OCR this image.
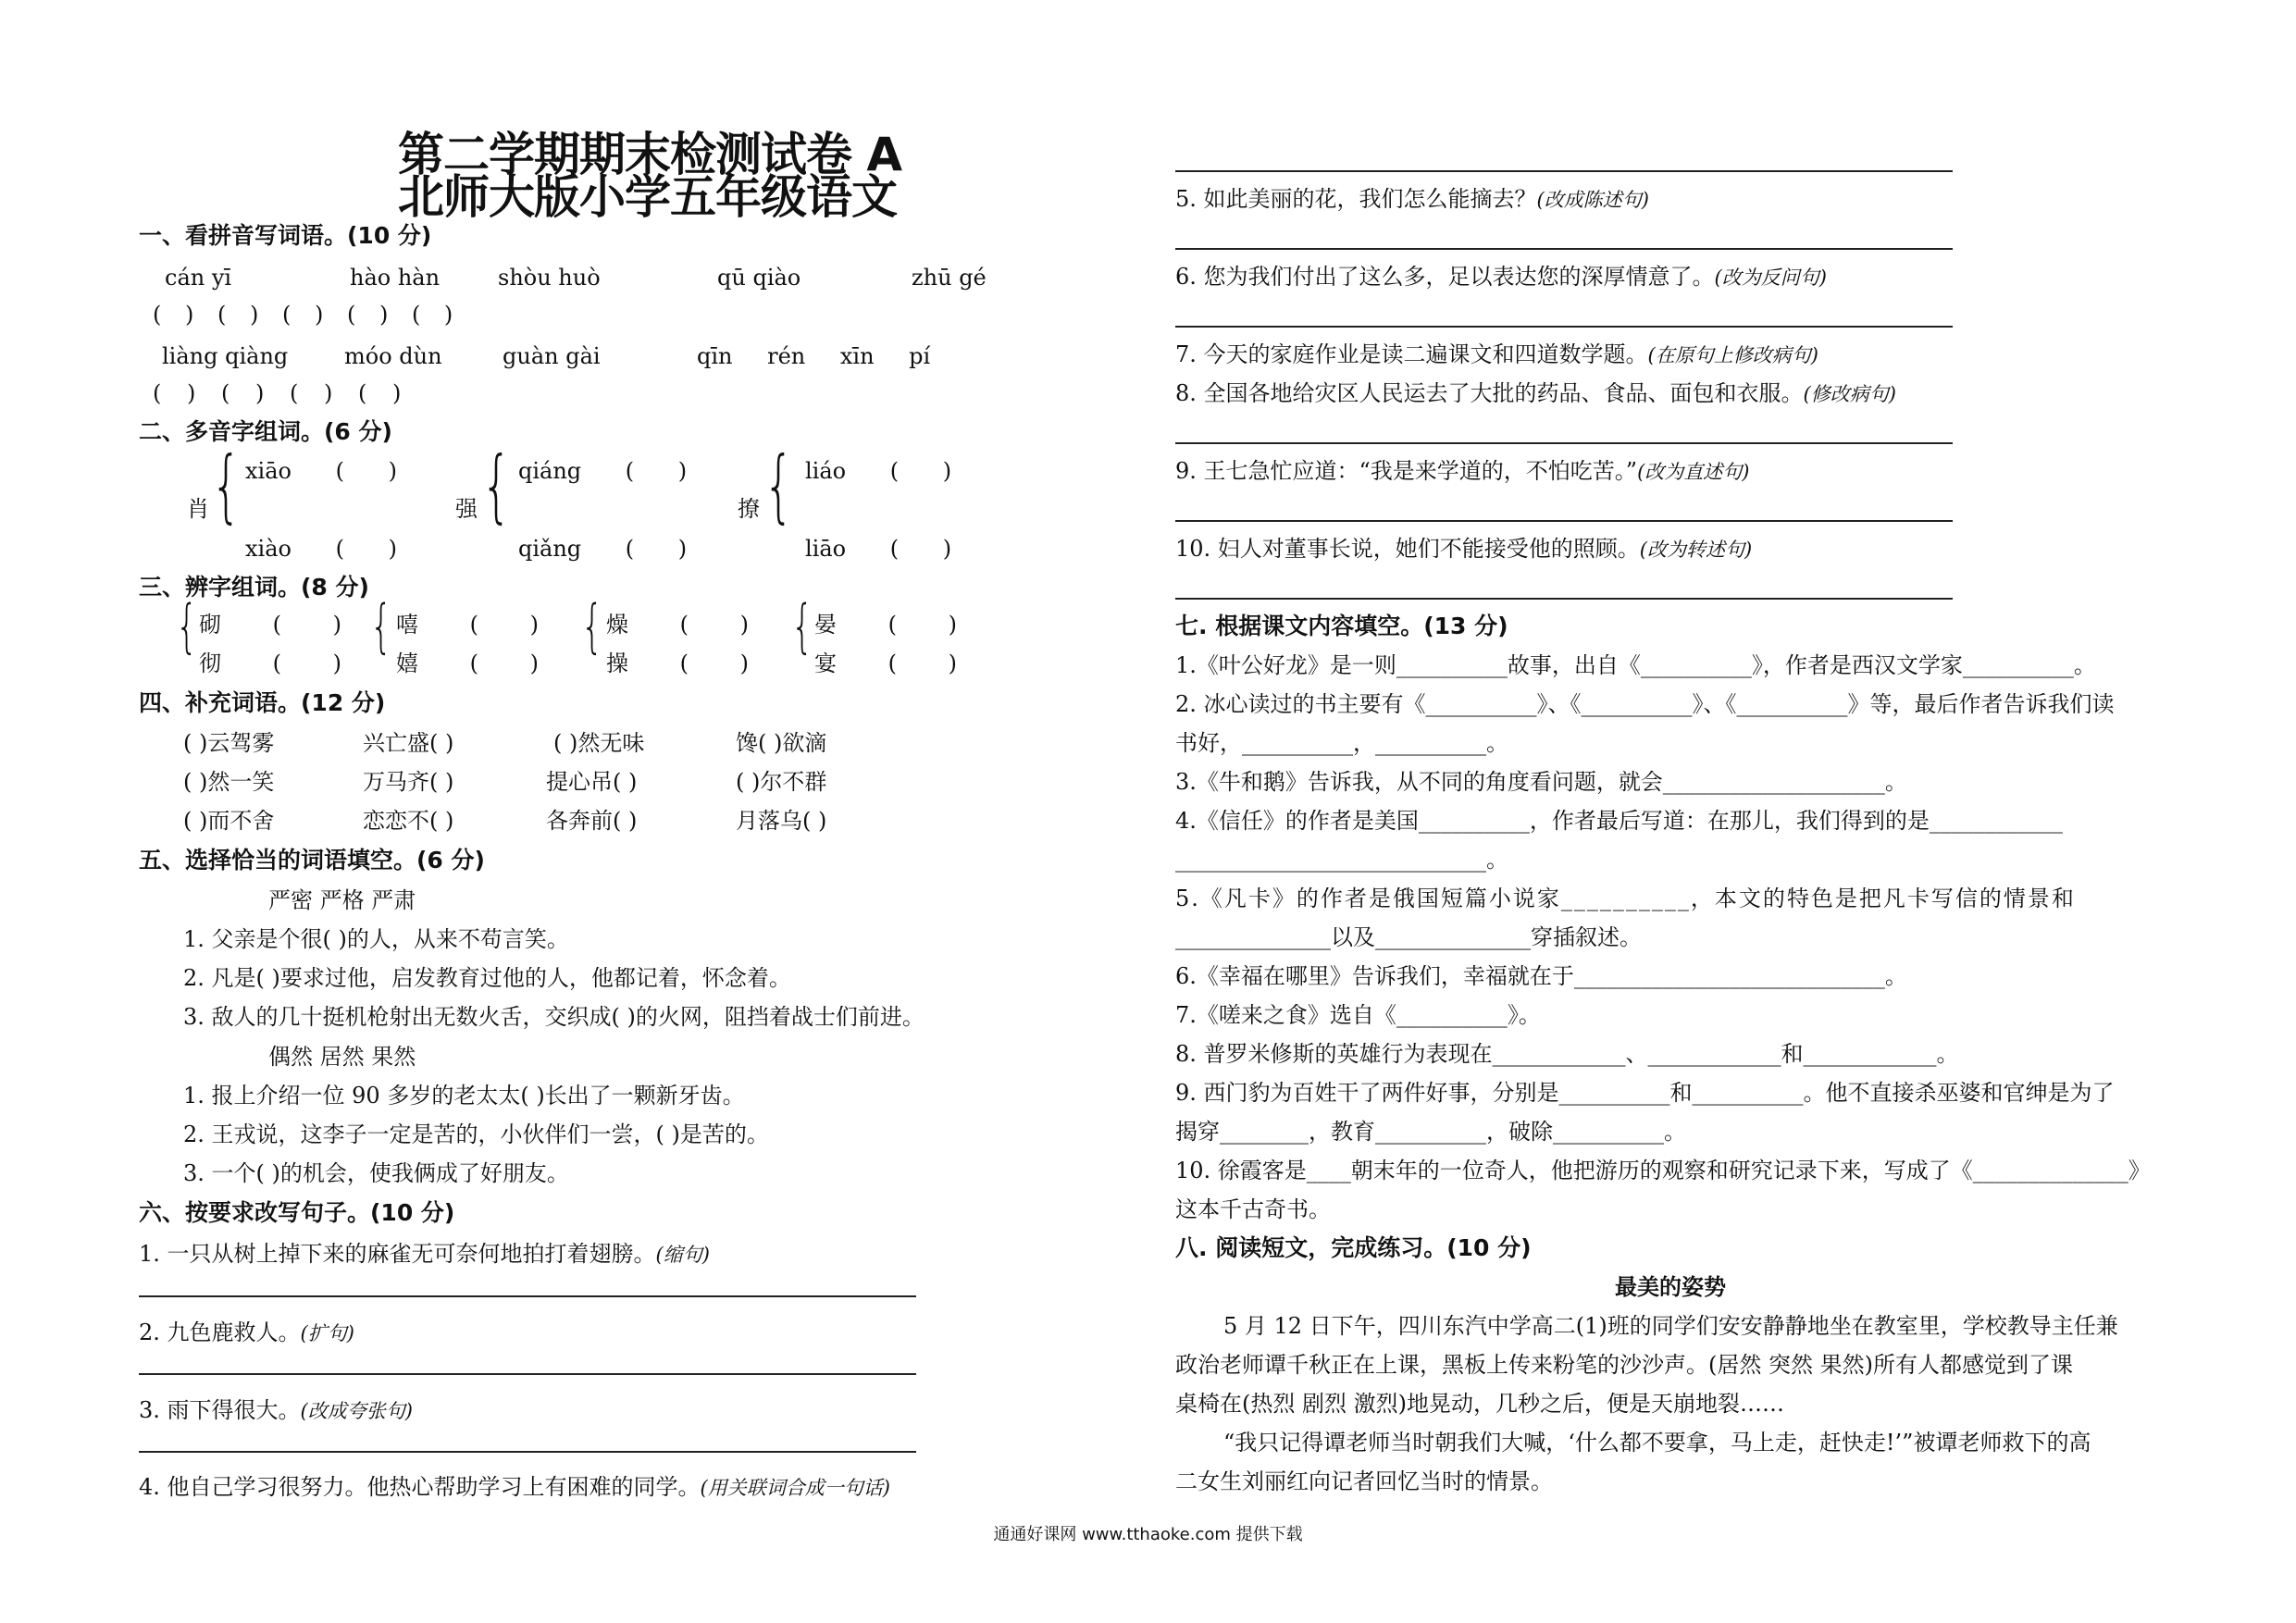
第二学期期末检测试卷 A
北师大版小学五年级语文
一、看拼音写词语。(10 分)
cán yī	hào hàn	shòu huò	qū qiào	zhū gé
( ) ( ) ( ) ( ) ( )
liàng qiàng	móo dùn	guàn gài	qīn rén xīn pí
( ) ( ) ( ) ( )
二、多音字组词。(6 分)
肖 { xiāo ( )
xiào ( )
强 { qiáng ( )
qiǎng ( )
撩 { liáo ( )
liāo ( )
三、辨字组词。(8 分)
{ 砌 ( )
彻 ( )
{ 嘻 ( )
嬉 ( )
{ 燥 ( )
操 ( )
{ 晏 ( )
宴 ( )
四、补充词语。(12 分)
( )云驾雾	兴亡盛( )	( )然无味	馋( )欲滴
( )然一笑	万马齐( )	提心吊( )	( )尔不群
( )而不舍	恋恋不( )	各奔前( )	月落乌( )
五、选择恰当的词语填空。(6 分)
严密 严格 严肃
1. 父亲是个很( )的人，从来不苟言笑。
2. 凡是( )要求过他，启发教育过他的人，他都记着，怀念着。
3. 敌人的几十挺机枪射出无数火舌，交织成( )的火网，阻挡着战士们前进。
偶然 居然 果然
1. 报上介绍一位 90 多岁的老太太( )长出了一颗新牙齿。
2. 王戎说，这李子一定是苦的，小伙伴们一尝，( )是苦的。
3. 一个( )的机会，使我俩成了好朋友。
六、按要求改写句子。(10 分)
1. 一只从树上掉下来的麻雀无可奈何地拍打着翅膀。(缩句)
2. 九色鹿救人。(扩句)
3. 雨下得很大。(改成夸张句)
4. 他自己学习很努力。他热心帮助学习上有困难的同学。(用关联词合成一句话)
5. 如此美丽的花，我们怎么能摘去？(改成陈述句)
6. 您为我们付出了这么多，足以表达您的深厚情意了。(改为反问句)
7. 今天的家庭作业是读二遍课文和四道数学题。(在原句上修改病句)
8. 全国各地给灾区人民运去了大批的药品、食品、面包和衣服。(修改病句)
9. 王七急忙应道：“我是来学道的，不怕吃苦。”(改为直述句)
10. 妇人对董事长说，她们不能接受他的照顾。(改为转述句)
七. 根据课文内容填空。(13 分)
1.《叶公好龙》是一则__________故事，出自《__________》，作者是西汉文学家__________。
2. 冰心读过的书主要有《__________》、《__________》、《__________》等，最后作者告诉我们读
书好，__________，__________。
3.《牛和鹅》告诉我，从不同的角度看问题，就会____________________。
4.《信任》的作者是美国__________，作者最后写道：在那儿，我们得到的是____________
____________________________。
5.《凡卡》的作者是俄国短篇小说家__________，本文的特色是把凡卡写信的情景和
______________以及______________穿插叙述。
6.《幸福在哪里》告诉我们，幸福就在于____________________________。
7.《嗟来之食》选自《__________》。
8. 普罗米修斯的英雄行为表现在____________、____________和____________。
9. 西门豹为百姓干了两件好事，分别是__________和__________。他不直接杀巫婆和官绅是为了
揭穿________，教育__________，破除__________。
10. 徐霞客是____朝末年的一位奇人，他把游历的观察和研究记录下来，写成了《______________》
这本千古奇书。
八. 阅读短文，完成练习。(10 分)
最美的姿势
5 月 12 日下午，四川东汽中学高二(1)班的同学们安安静静地坐在教室里，学校教导主任兼
政治老师谭千秋正在上课，黑板上传来粉笔的沙沙声。(居然 突然 果然)所有人都感觉到了课
桌椅在(热烈 剧烈 激烈)地晃动，几秒之后，便是天崩地裂……
“我只记得谭老师当时朝我们大喊，‘什么都不要拿，马上走，赶快走!’”被谭老师救下的高
二女生刘丽红向记者回忆当时的情景。
通通好课网 www.tthaoke.com 提供下载
